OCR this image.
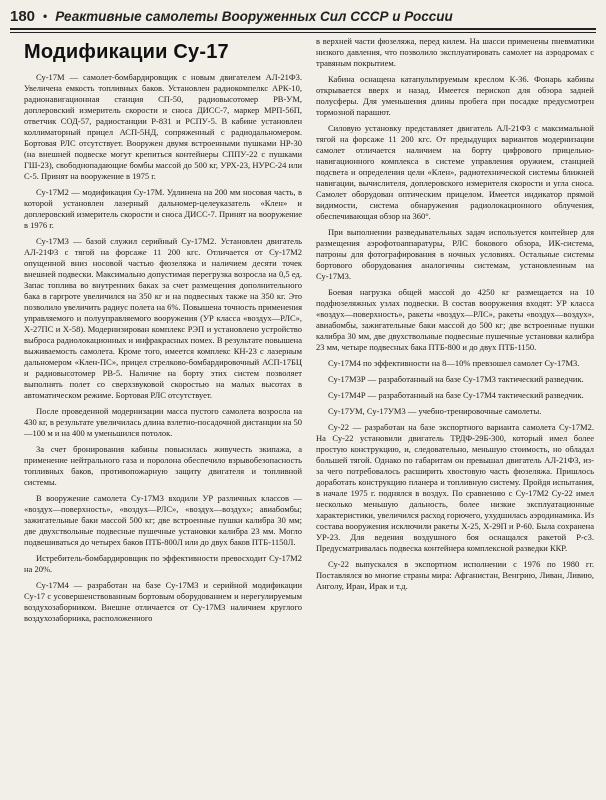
180 • Реактивные самолеты Вооруженных Сил СССР и России
Модификации Су-17

Су-17М — самолет-бомбардировщик с новым двигателем АЛ-21Ф3. Увеличена емкость топливных баков. Установлен радиокомпелкс АРК-10, радионавигационная станция СП-50, радиовысотомер РВ-УМ, доплеровский измеритель скорости и сноса ДИСС-7, маркер МРП-56П, ответчик СОД-57, радиостанции Р-831 и РСПУ-5. В кабине установлен коллиматорный прицел АСП-5НД, сопряженный с радиодальномером. Бортовая РЛС отсутствует. Вооружен двумя встроенными пушками НР-30 (на внешней подвеске могут крепиться контейнеры СППУ-22 с пушками ГШ-23), свободнопадающие бомбы массой до 500 кг, УРХ-23, НУРС-24 или С-5. Принят на вооружение в 1975 г.

Су-17М2 — модификация Су-17М. Удлинена на 200 мм носовая часть, в которой установлен лазерный дальномер-целеуказатель «Клен» и доплеровский измеритель скорости и сноса ДИСС-7. Принят на вооружение в 1976 г.

Су-17М3 — базой служил серийный Су-17М2. Установлен двигатель АЛ-21Ф3 с тягой на форсаже 11 200 кгс. Отличается от Су-17М2 опущенной вниз носовой частью фюзеляжа и наличием десяти точек внешней подвески. Максимально допустимая перегрузка возросла на 0,5 ед. Запас топлива во внутренних баках за счет размещения дополнительного бака в гаргроте увеличился на 350 кг и на подвесных также на 350 кг. Это позволило увеличить радиус полета на 6%. Повышена точность применения управляемого и полууправляемого вооружения (УР класса «воздух—РЛС», Х-27ПС и Х-58). Модернизирован комплекс РЭП и установлено устройство выброса радиолокационных и инфракрасных помех. В результате повышена выживаемость самолета. Кроме того, имеется комплекс КН-23 с лазерным дальномером «Клен-ПС», прицел стрелково-бомбардировочный АСП-17БЦ и радиовысотомер РВ-5. Наличие на борту этих систем позволяет выполнять полет со сверхзвуковой скоростью на малых высотах в автоматическом режиме. Бортовая РЛС отсутствует.

После проведенной модернизации масса пустого самолета возросла на 430 кг, в результате увеличилась длина взлетно-посадочной дистанции на 50—100 м и на 400 м уменьшился потолок.

За счет бронирования кабины повысилась живучесть экипажа, а применение нейтрального газа и поролона обеспечило взрывобезопасность топливных баков, противопожарную защиту двигателя и топливной системы.

В вооружение самолета Су-17М3 входили УР различных классов — «воздух—поверхность», «воздух—РЛС», «воздух—воздух»; авиабомбы; зажигательные баки массой 500 кг; две встроенные пушки калибра 30 мм; две двухствольные подвесные пушечные установки калибра 23 мм. Могло подвешиваться до четырех баков ПТБ-800Л или до двух баков ПТБ-1150Л.

Истребитель-бомбардировщик по эффективности превосходит Су-17М2 на 20%.

Су-17М4 — разработан на базе Су-17М3 и серийной модификации Су-17 с усовершенствованным бортовым оборудованием и нерегулируемым воздухозаборником. Внешне отличается от Су-17М3 наличием круглого воздухозаборника, расположенного

в верхней части фюзеляжа, перед килем. На шасси применены пневматики низкого давления, что позволило эксплуатировать самолет на аэродромах с травяным покрытием.

Кабина оснащена катапультируемым креслом К-36. Фонарь кабины открывается вверх и назад. Имеется перископ для обзора задней полусферы. Для уменьшения длины пробега при посадке предусмотрен тормозной парашют.

Силовую установку представляет двигатель АЛ-21Ф3 с максимальной тягой на форсаже 11 200 кгс. От предыдущих вариантов модернизации самолет отличается наличием на борту цифрового прицельно-навигационного комплекса в системе управления оружием, станцией подсвета и определения цели «Клен», радиотехнической системы ближней навигации, вычислителя, доплеровского измерителя скорости и угла сноса. Самолет оборудован оптическим прицелом. Имеется индикатор прямой видимости, система обнаружения радиолокационного облучения, обеспечивающая обзор на 360°.

При выполнении разведывательных задач используется контейнер для размещения аэрофотоаппаратуры, РЛС бокового обзора, ИК-система, патроны для фотографирования в ночных условиях. Остальные системы бортового оборудования аналогичны системам, установленным на Су-17М3.

Боевая нагрузка общей массой до 4250 кг размещается на 10 подфюзеляжных узлах подвески. В состав вооружения входят: УР класса «воздух—поверхность», ракеты «воздух—РЛС», ракеты «воздух—воздух», авиабомбы, зажигательные баки массой до 500 кг; две встроенные пушки калибра 30 мм, две двухствольные подвесные пушечные установки калибра 23 мм, четыре подвесных бака ПТБ-800 и до двух ПТБ-1150.

Су-17М4 по эффективности на 8—10% превзошел самолет Су-17М3.

Су-17М3Р — разработанный на базе Су-17М3 тактический разведчик.

Су-17М4Р — разработанный на базе Су-17М4 тактический разведчик.

Су-17УМ, Су-17УМ3 — учебно-тренировочные самолеты.

Су-22 — разработан на базе экспортного варианта самолета Су-17М2. На Су-22 установили двигатель ТРДФ-29Б-300, который имел более простую конструкцию, и, следовательно, меньшую стоимость, но обладал большей тягой. Однако по габаритам он превышал двигатель АЛ-21Ф3, из-за чего потребовалось расширить хвостовую часть фюзеляжа. Пришлось доработать конструкцию планера и топливную систему. Пройдя испытания, в начале 1975 г. поднялся в воздух. По сравнению с Су-17М2 Су-22 имел несколько меньшую дальность, более низкие эксплуатационные характеристики, увеличился расход горючего, ухудшилась аэродинамика. Из состава вооружения исключили ракеты Х-25, Х-29П и Р-60. Была сохранена УР-23. Для ведения воздушного боя оснащался ракетой Р-с3. Предусматривалась подвеска контейнера комплексной разведки ККР.

Су-22 выпускался в экспортном исполнении с 1976 по 1980 гг. Поставлялся во многие страны мира: Афганистан, Венгрию, Ливан, Ливию, Анголу, Иран, Ирак и т.д.
